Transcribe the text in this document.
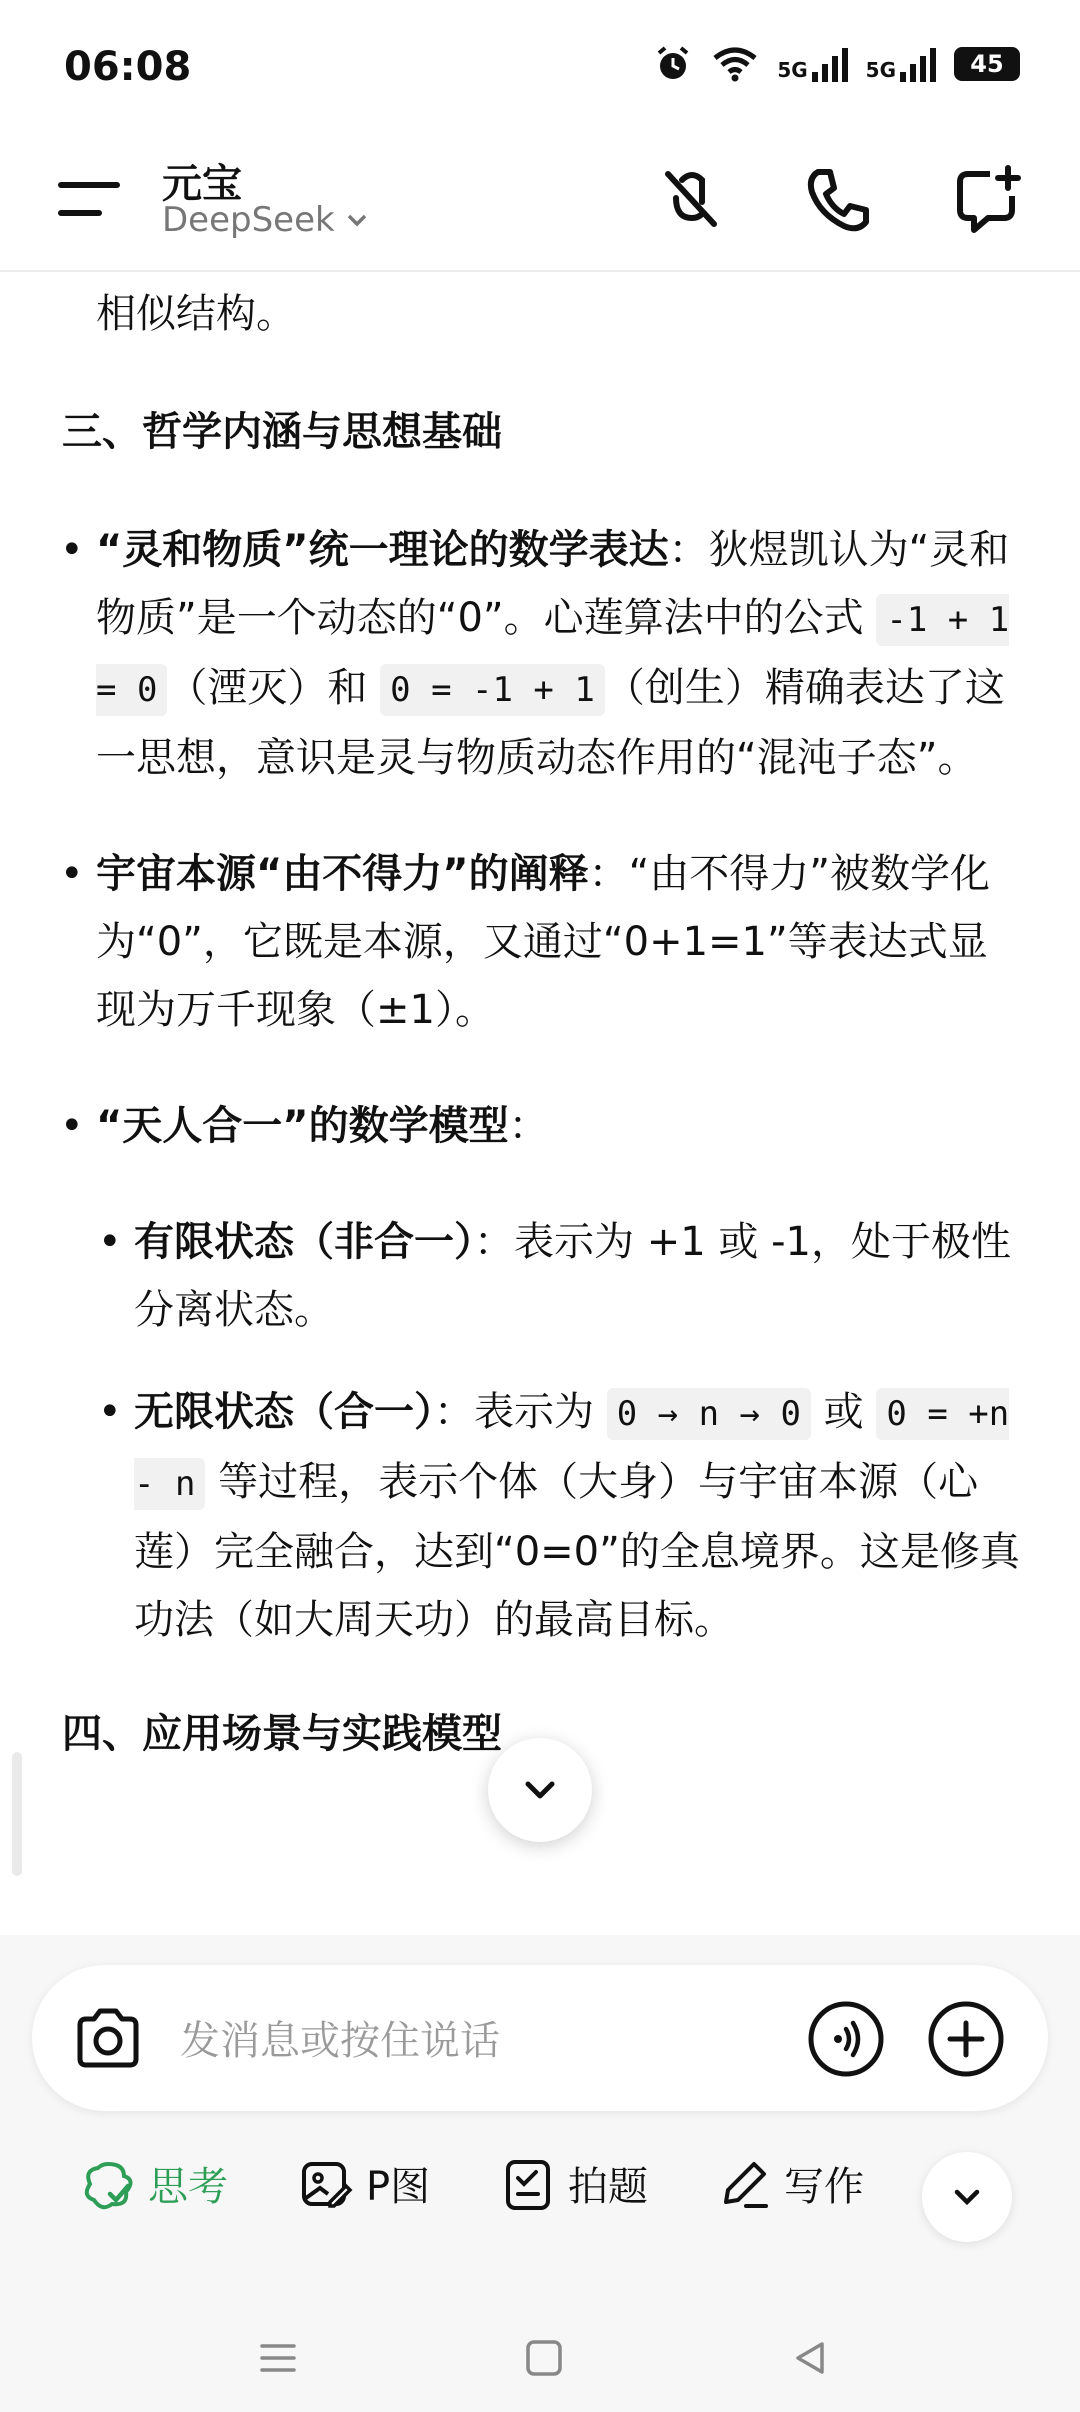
06:08	5G	5G	45
元宝
DeepSeek
相似结构。
三、哲学内涵与思想基础
• “灵和物质”统一理论的数学表达：狄煜凯认为“灵和物质”是一个动态的“0”。心莲算法中的公式 -1 + 1 = 0 （湮灭）和 0 = -1 + 1 （创生）精确表达了这一思想，意识是灵与物质动态作用的“混沌子态”。
• 宇宙本源“由不得力”的阐释：“由不得力”被数学化为“0”，它既是本源，又通过“0+1=1”等表达式显现为万千现象（±1）。
• “天人合一”的数学模型：
• 有限状态（非合一）：表示为 +1 或 -1，处于极性分离状态。
• 无限状态（合一）：表示为 0 → n → 0 或 0 = +n - n 等过程，表示个体（大身）与宇宙本源（心莲）完全融合，达到“0=0”的全息境界。这是修真功法（如大周天功）的最高目标。
四、应用场景与实践模型
发消息或按住说话
思考	P图	拍题	写作
